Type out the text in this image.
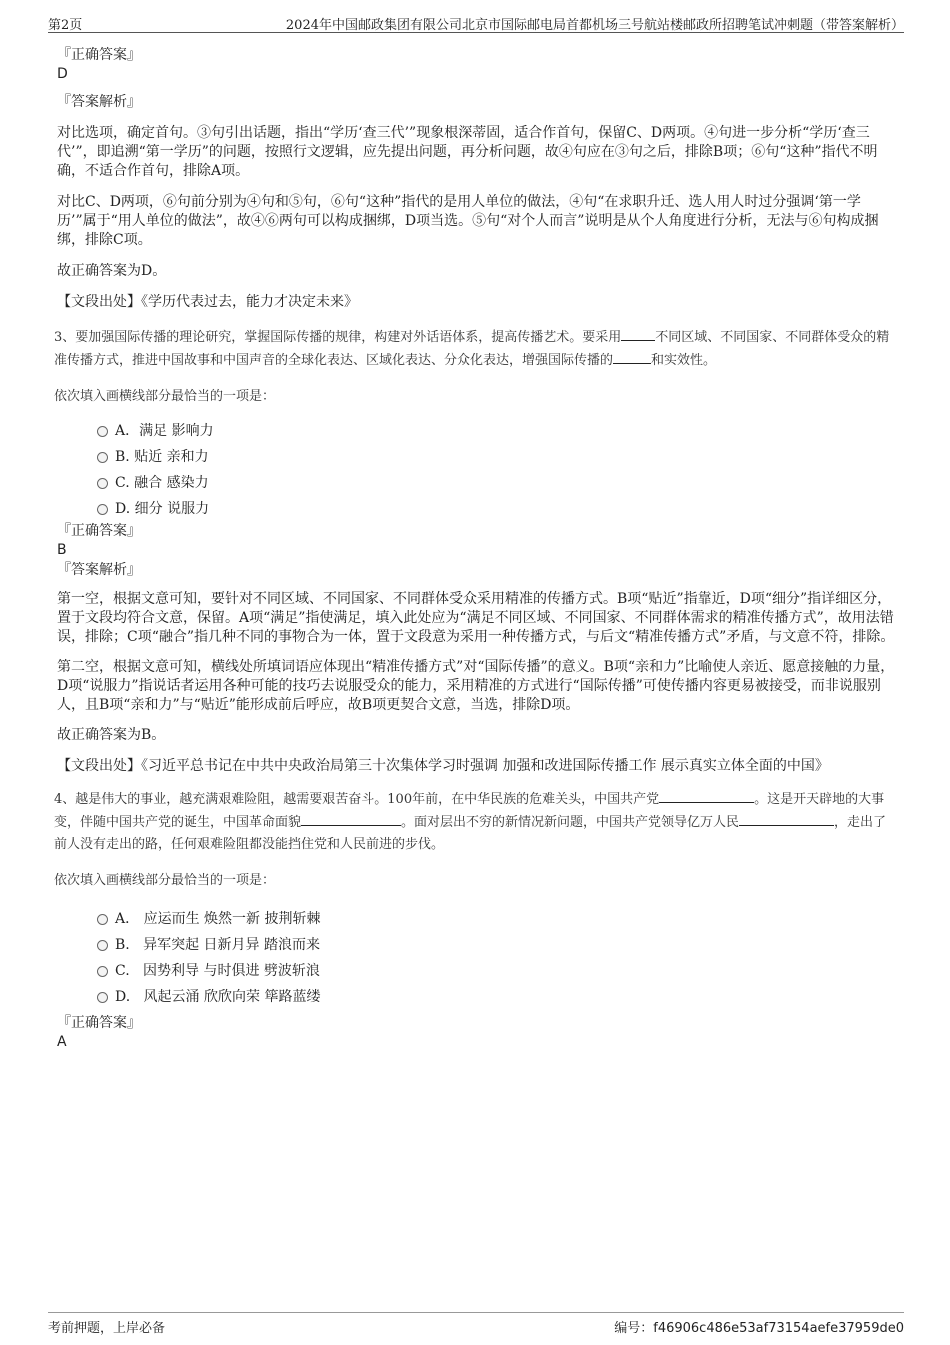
第2页	2024年中国邮政集团有限公司北京市国际邮电局首都机场三号航站楼邮政所招聘笔试冲刺题（带答案解析）

『正确答案』

D

『答案解析』

对比选项，确定首句。③句引出话题，指出“学历‘查三代’”现象根深蒂固，适合作首句，保留C、D两项。④句进一步分析“学历‘查三代’”，即追溯“第一学历”的问题，按照行文逻辑，应先提出问题，再分析问题，故④句应在③句之后，排除B项；⑥句“这种”指代不明确，不适合作首句，排除A项。

对比C、D两项，⑥句前分别为④句和⑤句，⑥句“这种”指代的是用人单位的做法，④句“在求职升迁、选人用人时过分强调‘第一学历’”属于“用人单位的做法”，故④⑥两句可以构成捆绑，D项当选。⑤句“对个人而言”说明是从个人角度进行分析，无法与⑥句构成捆绑，排除C项。

故正确答案为D。

【文段出处】《学历代表过去，能力才决定未来》

3、要加强国际传播的理论研究，掌握国际传播的规律，构建对外话语体系，提高传播艺术。要采用	不同区域、不同国家、不同群体受众的精准传播方式，推进中国故事和中国声音的全球化表达、区域化表达、分众化表达，增强国际传播的	和实效性。

依次填入画横线部分最恰当的一项是：

A．满足 影响力
B. 贴近 亲和力
C. 融合 感染力
D. 细分 说服力

『正确答案』

B

『答案解析』

第一空，根据文意可知，要针对不同区域、不同国家、不同群体受众采用精准的传播方式。B项“贴近”指靠近，D项“细分”指详细区分，置于文段均符合文意，保留。A项“满足”指使满足，填入此处应为“满足不同区域、不同国家、不同群体需求的精准传播方式”，故用法错误，排除；C项“融合”指几种不同的事物合为一体，置于文段意为采用一种传播方式，与后文“精准传播方式”矛盾，与文意不符，排除。

第二空，根据文意可知，横线处所填词语应体现出“精准传播方式”对“国际传播”的意义。B项“亲和力”比喻使人亲近、愿意接触的力量，D项“说服力”指说话者运用各种可能的技巧去说服受众的能力，采用精准的方式进行“国际传播”可使传播内容更易被接受，而非说服别人，且B项“亲和力”与“贴近”能形成前后呼应，故B项更契合文意，当选，排除D项。

故正确答案为B。

【文段出处】《习近平总书记在中共中央政治局第三十次集体学习时强调 加强和改进国际传播工作 展示真实立体全面的中国》

4、越是伟大的事业，越充满艰难险阻，越需要艰苦奋斗。100年前，在中华民族的危难关头，中国共产党	。这是开天辟地的大事变，伴随中国共产党的诞生，中国革命面貌	。面对层出不穷的新情况新问题，中国共产党领导亿万人民	，走出了前人没有走出的路，任何艰难险阻都没能挡住党和人民前进的步伐。

依次填入画横线部分最恰当的一项是：

A． 应运而生 焕然一新 披荆斩棘
B. 异军突起 日新月异 踏浪而来
C. 因势利导 与时俱进 劈波斩浪
D. 风起云涌 欣欣向荣 筚路蓝缕

『正确答案』

A

考前押题，上岸必备	编号：f46906c486e53af73154aefe37959de0
